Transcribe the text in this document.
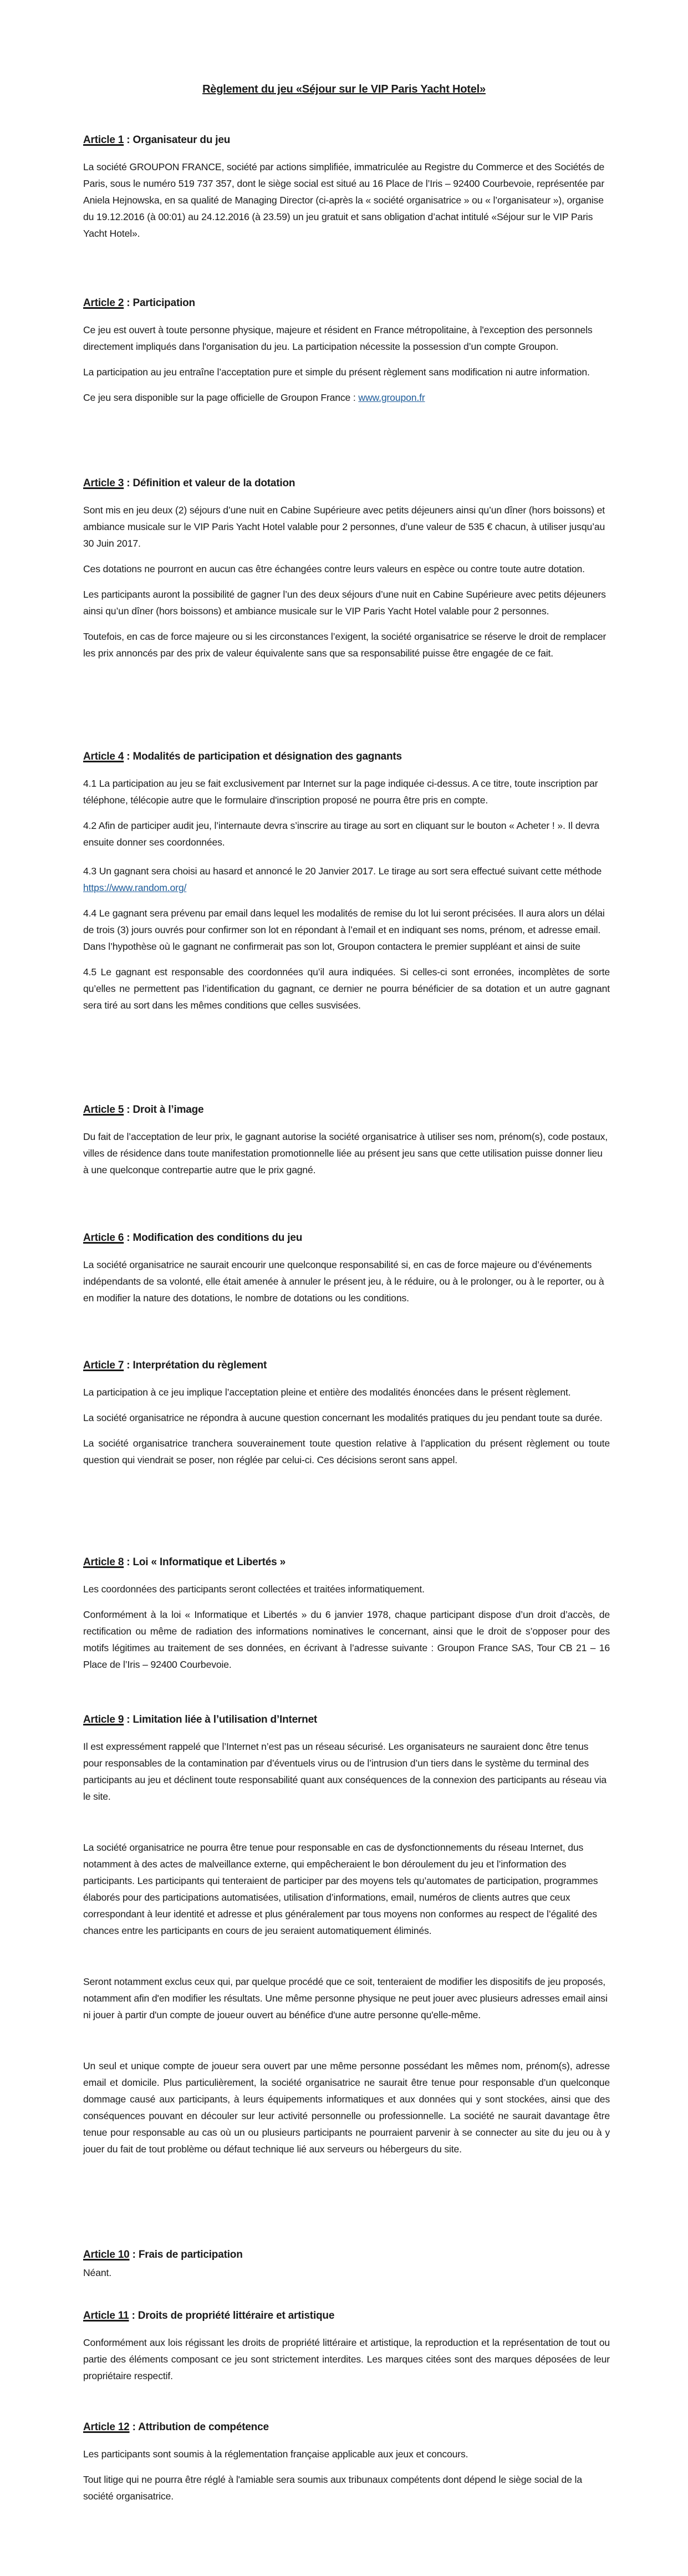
Règlement du jeu «Séjour sur le VIP Paris Yacht Hotel»
Article 1 : Organisateur du jeu

La société GROUPON FRANCE, société par actions simplifiée, immatriculée au Registre du Commerce et des Sociétés de Paris, sous le numéro 519 737 357, dont le siège social est situé au 16 Place de l’Iris – 92400 Courbevoie, représentée par Aniela Hejnowska, en sa qualité de Managing Director (ci-après la « société organisatrice » ou « l’organisateur »), organise du 19.12.2016 (à 00:01) au 24.12.2016 (à 23.59) un jeu gratuit et sans obligation d’achat intitulé «Séjour sur le VIP Paris Yacht Hotel».

Article 2 : Participation

Ce jeu est ouvert à toute personne physique, majeure et résident en France métropolitaine, à l'exception des personnels directement impliqués dans l'organisation du jeu. La participation nécessite la possession d’un compte Groupon.

La participation au jeu entraîne l’acceptation pure et simple du présent règlement sans modification ni autre information.

Ce jeu sera disponible sur la page officielle de Groupon France : www.groupon.fr

Article 3 : Définition et valeur de la dotation

Sont mis en jeu deux (2) séjours d’une nuit en Cabine Supérieure avec petits déjeuners ainsi qu’un dîner (hors boissons) et ambiance musicale sur le VIP Paris Yacht Hotel valable pour 2 personnes, d’une valeur de 535 € chacun, à utiliser jusqu’au 30 Juin 2017.

Ces dotations ne pourront en aucun cas être échangées contre leurs valeurs en espèce ou contre toute autre dotation.

Les participants auront la possibilité de gagner l’un des deux séjours d’une nuit en Cabine Supérieure avec petits déjeuners ainsi qu’un dîner (hors boissons) et ambiance musicale sur le VIP Paris Yacht Hotel valable pour 2 personnes.

Toutefois, en cas de force majeure ou si les circonstances l’exigent, la société organisatrice se réserve le droit de remplacer les prix annoncés par des prix de valeur équivalente sans que sa responsabilité puisse être engagée de ce fait.

Article 4 : Modalités de participation et désignation des gagnants

4.1 La participation au jeu se fait exclusivement par Internet sur la page indiquée ci-dessus. A ce titre, toute inscription par téléphone, télécopie autre que le formulaire d'inscription proposé ne pourra être pris en compte.

4.2 Afin de participer audit jeu, l’internaute devra s’inscrire au tirage au sort en cliquant sur le bouton « Acheter ! ». Il devra ensuite donner ses coordonnées.

4.3 Un gagnant sera choisi au hasard et annoncé le 20 Janvier 2017. Le tirage au sort sera effectué suivant cette méthode https://www.random.org/

4.4 Le gagnant sera prévenu par email dans lequel les modalités de remise du lot lui seront précisées. Il aura alors un délai de trois (3) jours ouvrés pour confirmer son lot en répondant à l’email et en indiquant ses noms, prénom, et adresse email. Dans l’hypothèse où le gagnant ne confirmerait pas son lot, Groupon contactera le premier suppléant et ainsi de suite

4.5 Le gagnant est responsable des coordonnées qu’il aura indiquées. Si celles-ci sont erronées, incomplètes de sorte qu’elles ne permettent pas l’identification du gagnant, ce dernier ne pourra bénéficier de sa dotation et un autre gagnant sera tiré au sort dans les mêmes conditions que celles susvisées.

Article 5 : Droit à l’image

Du fait de l’acceptation de leur prix, le gagnant autorise la société organisatrice à utiliser ses nom, prénom(s), code postaux, villes de résidence dans toute manifestation promotionnelle liée au présent jeu sans que cette utilisation puisse donner lieu à une quelconque contrepartie autre que le prix gagné.

Article 6 : Modification des conditions du jeu

La société organisatrice ne saurait encourir une quelconque responsabilité si, en cas de force majeure ou d’événements indépendants de sa volonté, elle était amenée à annuler le présent jeu, à le réduire, ou à le prolonger, ou à le reporter, ou à en modifier la nature des dotations, le nombre de dotations ou les conditions.

Article 7 : Interprétation du règlement

La participation à ce jeu implique l’acceptation pleine et entière des modalités énoncées dans le présent règlement.

La société organisatrice ne répondra à aucune question concernant les modalités pratiques du jeu pendant toute sa durée.

La société organisatrice tranchera souverainement toute question relative à l’application du présent règlement ou toute question qui viendrait se poser, non réglée par celui-ci. Ces décisions seront sans appel.

Article 8 : Loi « Informatique et Libertés »

Les coordonnées des participants seront collectées et traitées informatiquement.

Conformément à la loi « Informatique et Libertés » du 6 janvier 1978, chaque participant dispose d’un droit d’accès, de rectification ou même de radiation des informations nominatives le concernant, ainsi que le droit de s’opposer pour des motifs légitimes au traitement de ses données, en écrivant à l’adresse suivante : Groupon France SAS, Tour CB 21 – 16 Place de l’Iris – 92400 Courbevoie.

Article 9 : Limitation liée à l’utilisation d’Internet

Il est expressément rappelé que l’Internet n’est pas un réseau sécurisé. Les organisateurs ne sauraient donc être tenus pour responsables de la contamination par d’éventuels virus ou de l’intrusion d’un tiers dans le système du terminal des participants au jeu et déclinent toute responsabilité quant aux conséquences de la connexion des participants au réseau via le site.

La société organisatrice ne pourra être tenue pour responsable en cas de dysfonctionnements du réseau Internet, dus notamment à des actes de malveillance externe, qui empêcheraient le bon déroulement du jeu et l’information des participants. Les participants qui tenteraient de participer par des moyens tels qu’automates de participation, programmes élaborés pour des participations automatisées, utilisation d’informations, email, numéros de clients autres que ceux correspondant à leur identité et adresse et plus généralement par tous moyens non conformes au respect de l’égalité des chances entre les participants en cours de jeu seraient automatiquement éliminés.

Seront notamment exclus ceux qui, par quelque procédé que ce soit, tenteraient de modifier les dispositifs de jeu proposés, notamment afin d'en modifier les résultats. Une même personne physique ne peut jouer avec plusieurs adresses email ainsi ni jouer à partir d'un compte de joueur ouvert au bénéfice d'une autre personne qu'elle-même.

Un seul et unique compte de joueur sera ouvert par une même personne possédant les mêmes nom, prénom(s), adresse email et domicile. Plus particulièrement, la société organisatrice ne saurait être tenue pour responsable d’un quelconque dommage causé aux participants, à leurs équipements informatiques et aux données qui y sont stockées, ainsi que des conséquences pouvant en découler sur leur activité personnelle ou professionnelle. La société ne saurait davantage être tenue pour responsable au cas où un ou plusieurs participants ne pourraient parvenir à se connecter au site du jeu ou à y jouer du fait de tout problème ou défaut technique lié aux serveurs ou hébergeurs du site.

Article 10 : Frais de participation

Néant.

Article 11 : Droits de propriété littéraire et artistique

Conformément aux lois régissant les droits de propriété littéraire et artistique, la reproduction et la représentation de tout ou partie des éléments composant ce jeu sont strictement interdites. Les marques citées sont des marques déposées de leur propriétaire respectif.

Article 12 : Attribution de compétence

Les participants sont soumis à la réglementation française applicable aux jeux et concours.

Tout litige qui ne pourra être réglé à l'amiable sera soumis aux tribunaux compétents dont dépend le siège social de la société organisatrice.
